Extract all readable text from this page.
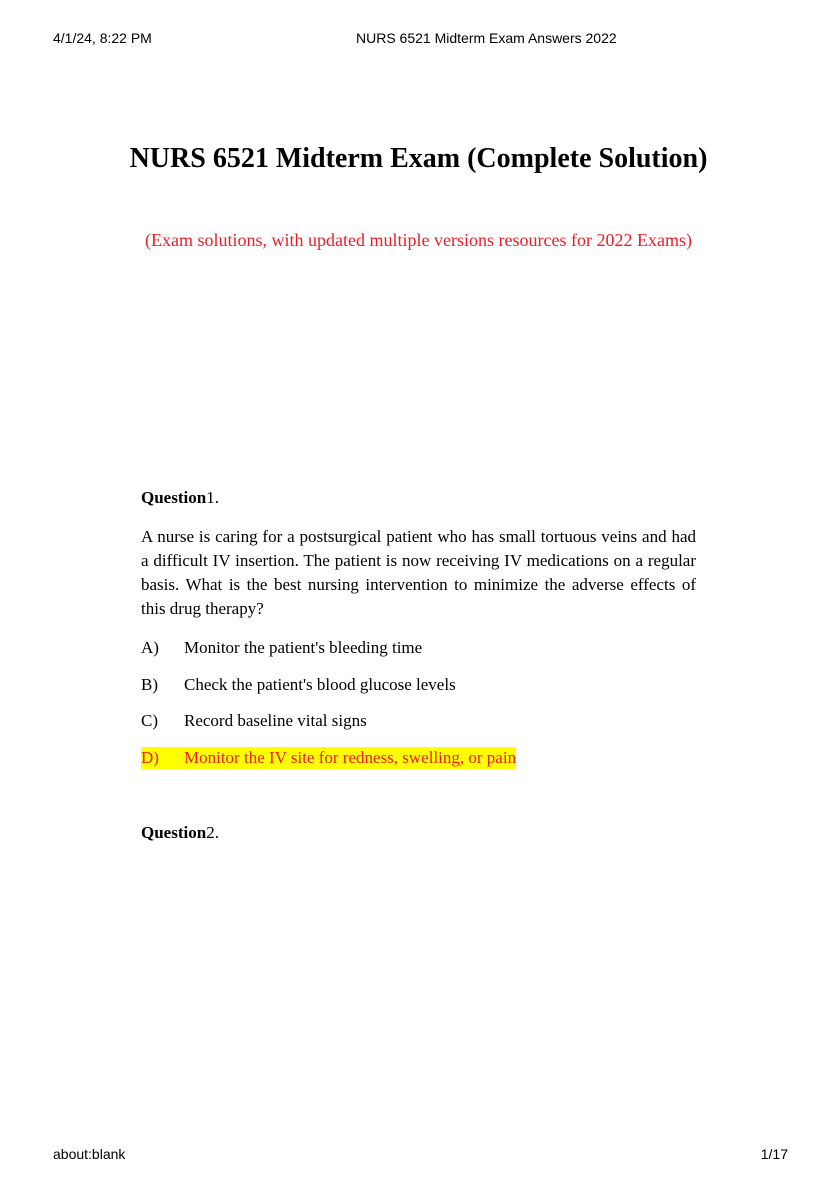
4/1/24, 8:22 PM	NURS 6521 Midterm Exam Answers 2022
NURS 6521 Midterm Exam (Complete Solution)
(Exam solutions, with updated multiple versions resources for 2022 Exams)
Question1.
A nurse is caring for a postsurgical patient who has small tortuous veins and had a difficult IV insertion. The patient is now receiving IV medications on a regular basis. What is the best nursing intervention to minimize the adverse effects of this drug therapy?
A) Monitor the patient's bleeding time
B) Check the patient's blood glucose levels
C) Record baseline vital signs
D) Monitor the IV site for redness, swelling, or pain
Question2.
about:blank	1/17
